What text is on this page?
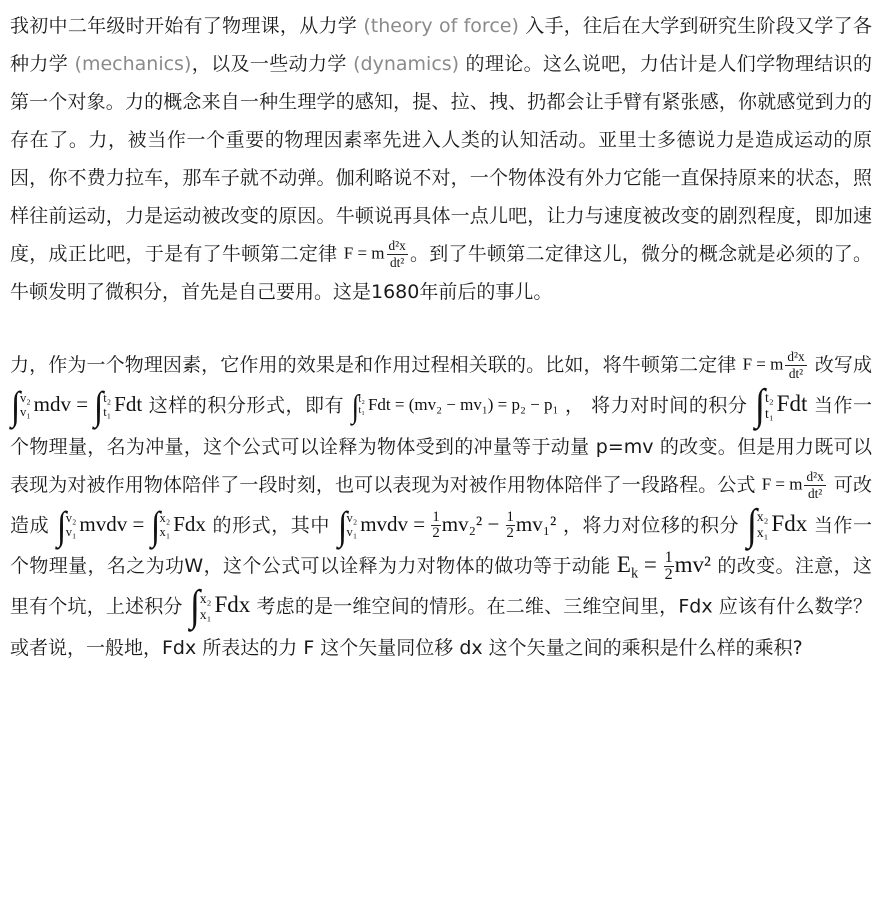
我初中二年级时开始有了物理课，从力学 (theory of force) 入手，往后在大学到研究生阶段又学了各种力学 (mechanics)，以及一些动力学 (dynamics) 的理论。这么说吧，力估计是人们学物理结识的第一个对象。力的概念来自一种生理学的感知，提、拉、拽、扔都会让手臂有紧张感，你就感觉到力的存在了。力，被当作一个重要的物理因素率先进入人类的认知活动。亚里士多德说力是造成运动的原因，你不费力拉车，那车子就不动弹。伽利略说不对，一个物体没有外力它能一直保持原来的状态，照样往前运动，力是运动被改变的原因。牛顿说再具体一点儿吧，让力与速度被改变的剧烈程度，即加速度，成正比吧，于是有了牛顿第二定律 F = m $\frac{\text{d²x}}{\text{dt²}}$ 。到了牛顿第二定律这儿，微分的概念就是必须的了。牛顿发明了微积分，首先是自己要用。这是1680年前后的事儿。
力，作为一个物理因素，它作用的效果是和作用过程相关联的。比如，将牛顿第二定律 F = m $\frac{\text{d²x}}{\text{dt²}}$ 改写成
∫ v₂
v₁ mdv = ∫ t₂
t₁ Fdt 这样的积分形式，即有 ∫ t₂
t₁ Fdt = (mv₂ − mv₁) = p₂ − p₁ ， 将力对时间的积分 ∫ t₂
t₁ Fdt 当作一个物理量，名为冲量，这个公式可以诠释为物体受到的冲量等于动量 p=mv 的改变。但是用力既可以表现为对被作用物体陪伴了一段时刻，也可以表现为对被作用物体陪伴了一段路程。公式 F = m $\frac{\text{d²x}}{\text{dt²}}$ 可改造成 ∫ v₂
v₁ mvdv = ∫ x₂
x₁ Fdx 的形式，其中 ∫ v₂
v₁ mvdv = $\frac{1}{2} mv_2^2 - \frac{1}{2} mv_1^2$ ，将力对位移的积分 ∫ x₂
x₁ Fdx 当作一个物理量，名之为功W，这个公式可以诠释为力对物体的做功等于动能 $E_k = \frac{1}{2} mv^2$ 的改变。注意，这里有个坑，上述积分 ∫ x₂
x₁ Fdx 考虑的是一维空间的情形。在二维、三维空间里，Fdx 应该有什么数学？或者说，一般地，Fdx 所表达的力 F 这个矢量同位移 dx 这个矢量之间的乘积是什么样的乘积?
